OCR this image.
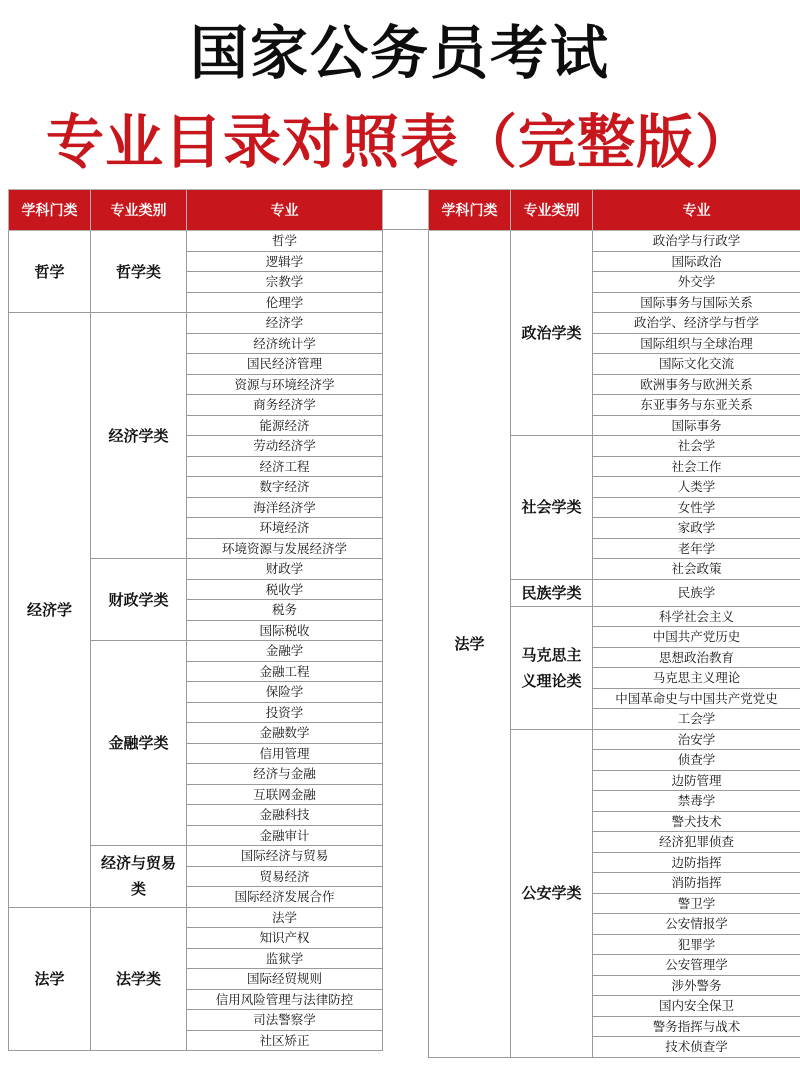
国家公务员考试
专业目录对照表（完整版）
学科门类	专业类别	专业
哲学	哲学类	哲学
		逻辑学
		宗教学
		伦理学
经济学	经济学类	经济学
		经济统计学
		国民经济管理
		资源与环境经济学
		商务经济学
		能源经济
		劳动经济学
		经济工程
		数字经济
		海洋经济学
		环境经济
		环境资源与发展经济学
	财政学类	财政学
		税收学
		税务
		国际税收
	金融学类	金融学
		金融工程
		保险学
		投资学
		金融数学
		信用管理
		经济与金融
		互联网金融
		金融科技
		金融审计
	经济与贸易类	国际经济与贸易
		贸易经济
		国际经济发展合作
法学	法学类	法学
		知识产权
		监狱学
		国际经贸规则
		信用风险管理与法律防控
		司法警察学
		社区矫正
学科门类	专业类别	专业
法学	政治学类	政治学与行政学
		国际政治
		外交学
		国际事务与国际关系
		政治学、经济学与哲学
		国际组织与全球治理
		国际文化交流
		欧洲事务与欧洲关系
		东亚事务与东亚关系
		国际事务
	社会学类	社会学
		社会工作
		人类学
		女性学
		家政学
		老年学
		社会政策
	民族学类	民族学
	马克思主义理论类	科学社会主义
		中国共产党历史
		思想政治教育
		马克思主义理论
		中国革命史与中国共产党党史
		工会学
	公安学类	治安学
		侦查学
		边防管理
		禁毒学
		警犬技术
		经济犯罪侦查
		边防指挥
		消防指挥
		警卫学
		公安情报学
		犯罪学
		公安管理学
		涉外警务
		国内安全保卫
		警务指挥与战术
		技术侦查学
